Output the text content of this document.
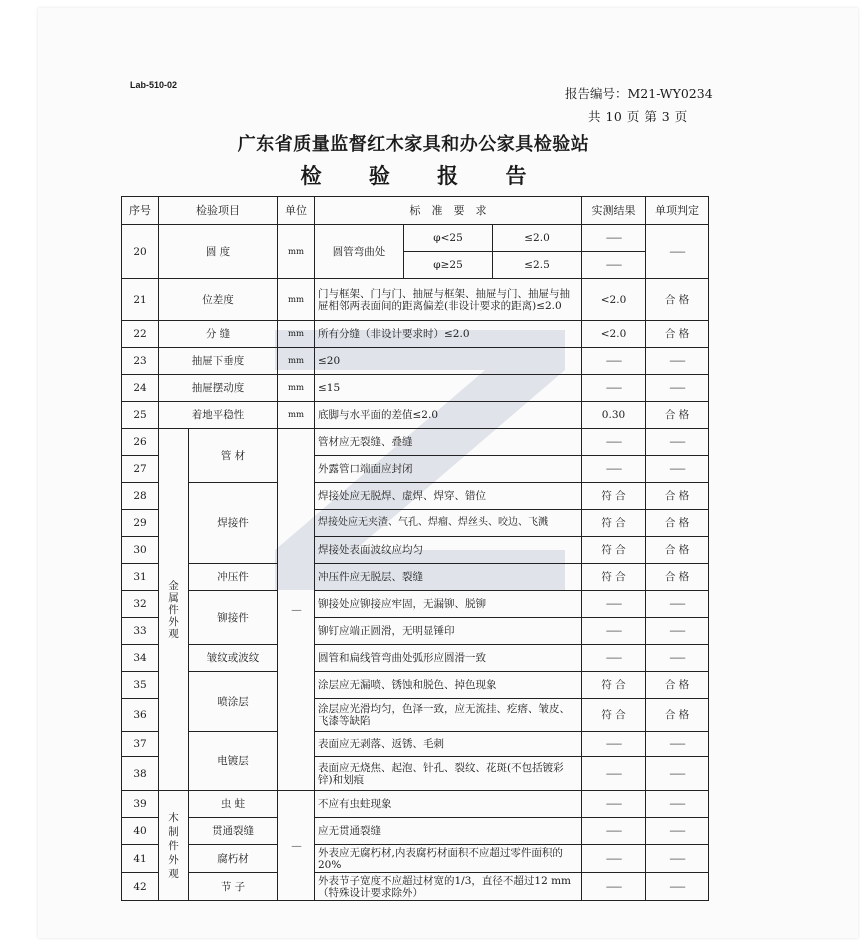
Lab-510-02
报告编号：M21-WY0234
共 10 页 第 3 页
广东省质量监督红木家具和办公家具检验站
检 验 报 告
序号	检验项目		单位	标　准　要　求			实测结果	单项判定
20	圆 度		mm	圆管弯曲处	φ<25	≤2.0	------	------
					φ≥25	≤2.5	------	
21	位差度		mm	门与框架、门与门、抽屉与框架、抽屉与门、抽屉与抽屉相邻两表面间的距离偏差(非设计要求的距离)≤2.0			<2.0	合 格
22	分 缝		mm	所有分缝（非设计要求时）≤2.0			<2.0	合 格
23	抽屉下垂度		mm	≤20			------	------
24	抽屉摆动度		mm	≤15			------	------
25	着地平稳性		mm	底脚与水平面的差值≤2.0			0.30	合 格
26	金属件外观	管 材	—	管材应无裂缝、叠缝			------	------
27				外露管口端面应封闭			------	------
28		焊接件		焊接处应无脱焊、虚焊、焊穿、错位			符 合	合 格
29				焊接处应无夹渣、气孔、焊瘤、焊丝头、咬边、飞溅			符 合	合 格
30				焊接处表面波纹应均匀			符 合	合 格
31		冲压件		冲压件应无脱层、裂缝			符 合	合 格
32		铆接件		铆接处应铆接应牢固，无漏铆、脱铆			------	------
33				铆钉应端正圆滑，无明显锤印			------	------
34		皱纹或波纹		圆管和扁线管弯曲处弧形应圆滑一致			------	------
35		喷涂层		涂层应无漏喷、锈蚀和脱色、掉色现象			符 合	合 格
36				涂层应光滑均匀，色泽一致，应无流挂、疙瘩、皱皮、飞漆等缺陷			符 合	合 格
37		电镀层		表面应无剥落、返锈、毛刺			------	------
38				表面应无烧焦、起泡、针孔、裂纹、花斑(不包括镀彩锌)和划痕			------	------
39	木制件外观	虫 蛀	—	不应有虫蛀现象			------	------
40		贯通裂缝		应无贯通裂缝			------	------
41		腐朽材		外表应无腐朽材,内表腐朽材面积不应超过零件面积的20%			------	------
42		节 子		外表节子宽度不应超过材宽的1/3，直径不超过12 mm（特殊设计要求除外）			------	------
